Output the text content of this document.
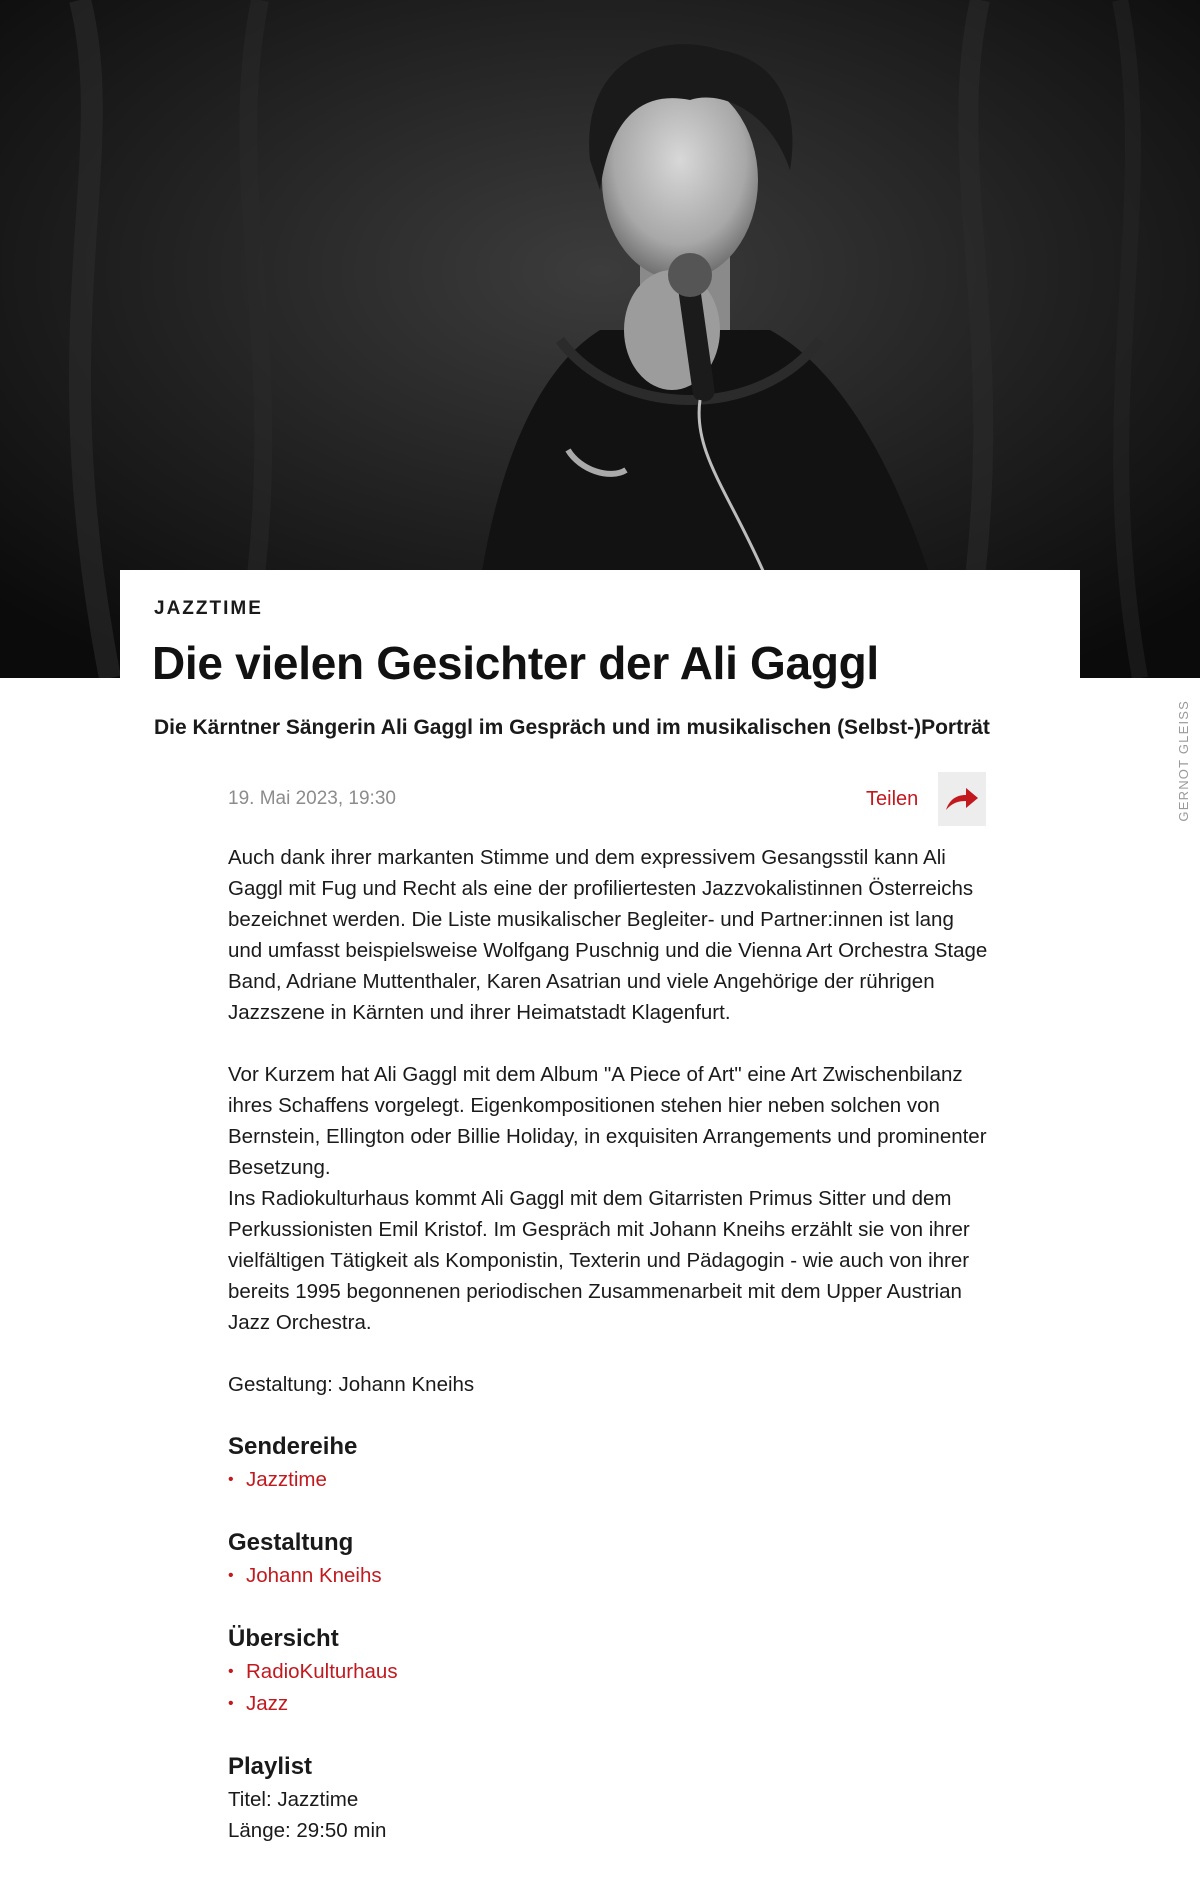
GERNOT GLEISS
JAZZTIME
Die vielen Gesichter der Ali Gaggl
Die Kärntner Sängerin Ali Gaggl im Gespräch und im musikalischen (Selbst-)Porträt
19. Mai 2023, 19:30	Teilen

Auch dank ihrer markanten Stimme und dem expressivem Gesangsstil kann Ali Gaggl mit Fug und Recht als eine der profiliertesten Jazzvokalistinnen Österreichs bezeichnet werden. Die Liste musikalischer Begleiter- und Partner:innen ist lang und umfasst beispielsweise Wolfgang Puschnig und die Vienna Art Orchestra Stage Band, Adriane Muttenthaler, Karen Asatrian und viele Angehörige der rührigen Jazzszene in Kärnten und ihrer Heimatstadt Klagenfurt.

Vor Kurzem hat Ali Gaggl mit dem Album "A Piece of Art" eine Art Zwischenbilanz ihres Schaffens vorgelegt. Eigenkompositionen stehen hier neben solchen von Bernstein, Ellington oder Billie Holiday, in exquisiten Arrangements und prominenter Besetzung.

Ins Radiokulturhaus kommt Ali Gaggl mit dem Gitarristen Primus Sitter und dem Perkussionisten Emil Kristof. Im Gespräch mit Johann Kneihs erzählt sie von ihrer vielfältigen Tätigkeit als Komponistin, Texterin und Pädagogin - wie auch von ihrer bereits 1995 begonnenen periodischen Zusammenarbeit mit dem Upper Austrian Jazz Orchestra.

Gestaltung: Johann Kneihs

Sendereihe
• Jazztime
Gestaltung
• Johann Kneihs
Übersicht
• RadioKulturhaus
• Jazz
Playlist
Titel: Jazztime
Länge: 29:50 min
